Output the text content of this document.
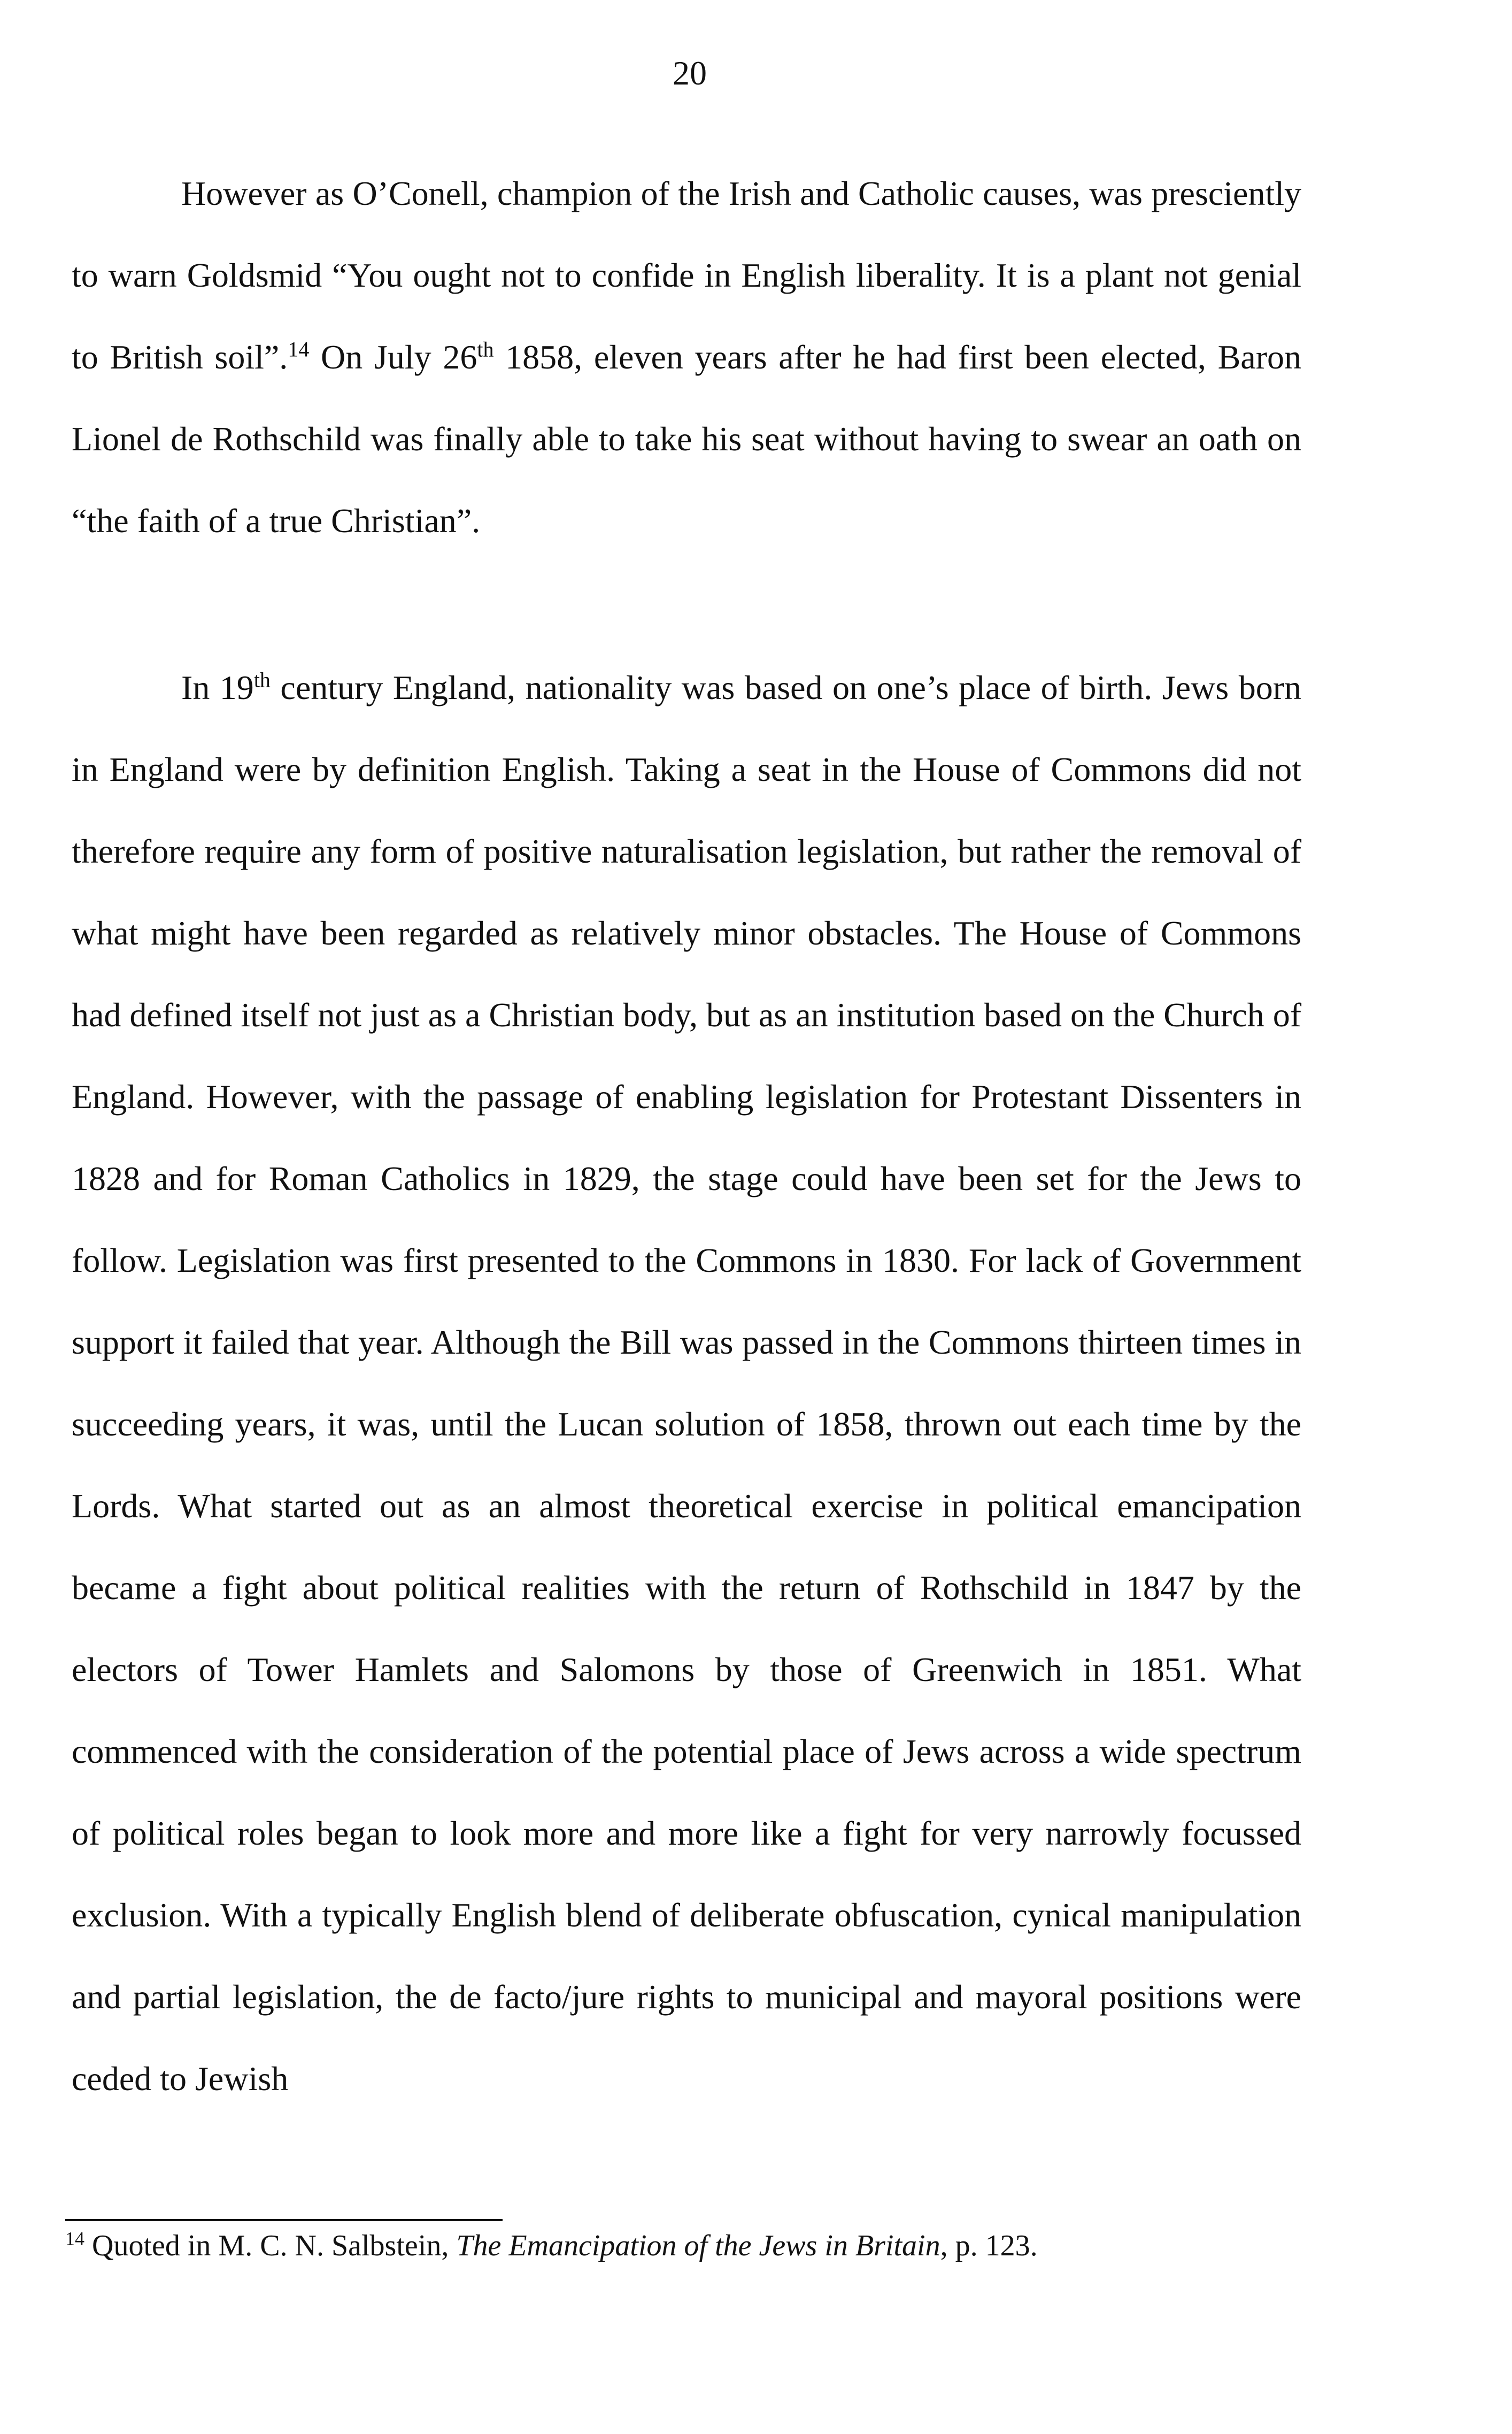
20

However as O’Conell, champion of the Irish and Catholic causes, was presciently to warn Goldsmid “You ought not to confide in English liberality. It is a plant not genial to British soil”.$^{14}$ On July 26th 1858, eleven years after he had first been elected, Baron Lionel de Rothschild was finally able to take his seat without having to swear an oath on “the faith of a true Christian”.

In 19th century England, nationality was based on one’s place of birth. Jews born in England were by definition English. Taking a seat in the House of Commons did not therefore require any form of positive naturalisation legislation, but rather the removal of what might have been regarded as relatively minor obstacles. The House of Commons had defined itself not just as a Christian body, but as an institution based on the Church of England. However, with the passage of enabling legislation for Protestant Dissenters in 1828 and for Roman Catholics in 1829, the stage could have been set for the Jews to follow. Legislation was first presented to the Commons in 1830. For lack of Government support it failed that year. Although the Bill was passed in the Commons thirteen times in succeeding years, it was, until the Lucan solution of 1858, thrown out each time by the Lords. What started out as an almost theoretical exercise in political emancipation became a fight about political realities with the return of Rothschild in 1847 by the electors of Tower Hamlets and Salomons by those of Greenwich in 1851. What commenced with the consideration of the potential place of Jews across a wide spectrum of political roles began to look more and more like a fight for very narrowly focussed exclusion. With a typically English blend of deliberate obfuscation, cynical manipulation and partial legislation, the de facto/jure rights to municipal and mayoral positions were ceded to Jewish

$^{14}$ Quoted in M. C. N. Salbstein, The Emancipation of the Jews in Britain, p. 123.
